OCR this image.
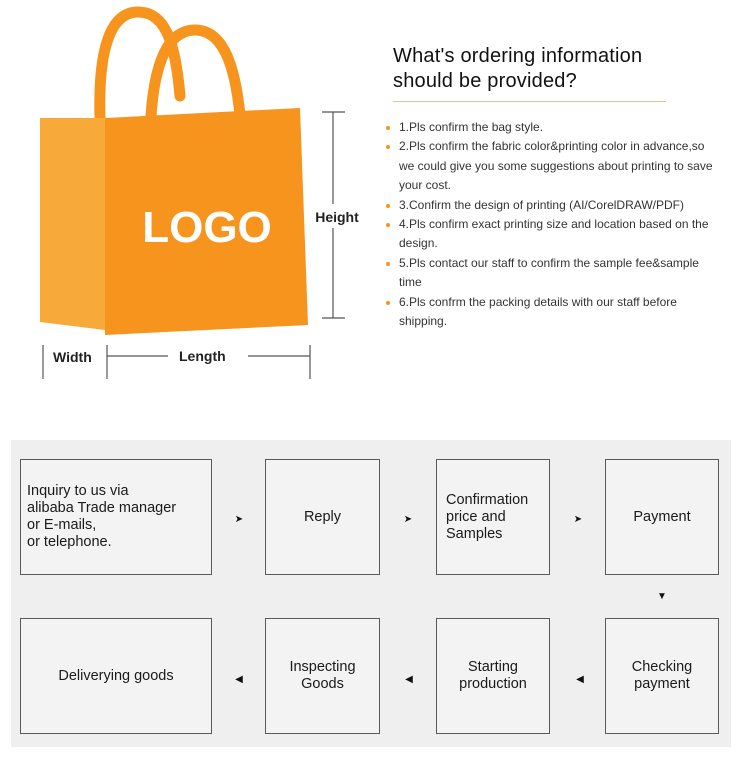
LOGO	Height
Width	Length
What's ordering information
should be provided?
1.Pls confirm the bag style.
2.Pls confirm the fabric color&printing color in advance,so we could give you some suggestions about printing to save your cost.
3.Confirm the design of printing (AI/CorelDRAW/PDF)
4.Pls confirm exact printing size and location based on the design.
5.Pls contact our staff to confirm the sample fee&sample time
6.Pls confrm the packing details with our staff before shipping.
Inquiry to us via
alibaba Trade manager
or E-mails,
or telephone.
Reply
Confirmation
price and
Samples
Payment
Checking
payment
Starting
production
Inspecting
Goods
Deliverying goods
➤	➤	➤
▼
◀
◀
◀
